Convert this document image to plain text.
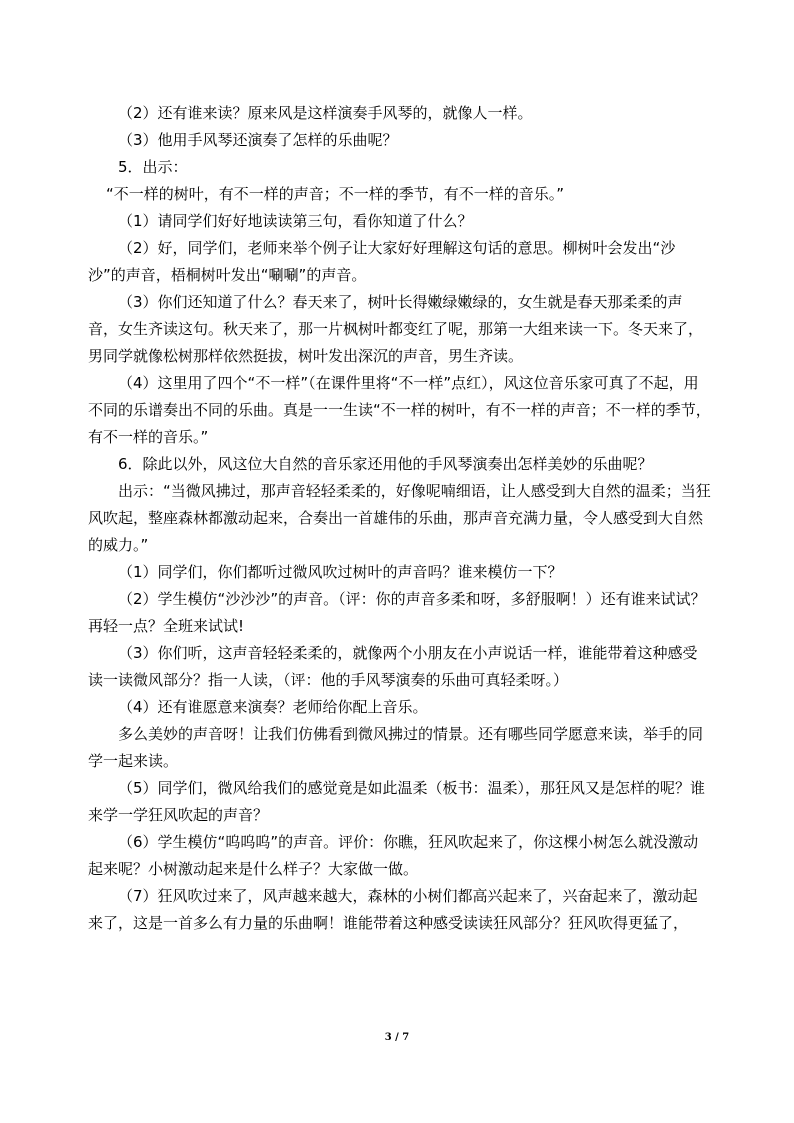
（2）还有谁来读？原来风是这样演奏手风琴的，就像人一样。

（3）他用手风琴还演奏了怎样的乐曲呢？

5．出示：

“不一样的树叶，有不一样的声音；不一样的季节，有不一样的音乐。”

（1）请同学们好好地读读第三句，看你知道了什么？

（2）好，同学们，老师来举个例子让大家好好理解这句话的意思。柳树叶会发出“沙沙”的声音，梧桐树叶发出“唰唰”的声音。

（3）你们还知道了什么？春天来了，树叶长得嫩绿嫩绿的，女生就是春天那柔柔的声音，女生齐读这句。秋天来了，那一片枫树叶都变红了呢，那第一大组来读一下。冬天来了，男同学就像松树那样依然挺拔，树叶发出深沉的声音，男生齐读。

（4）这里用了四个“不一样”（在课件里将“不一样”点红），风这位音乐家可真了不起，用不同的乐谱奏出不同的乐曲。真是一一生读“不一样的树叶，有不一样的声音；不一样的季节，有不一样的音乐。”

6．除此以外，风这位大自然的音乐家还用他的手风琴演奏出怎样美妙的乐曲呢？

出示：“当微风拂过，那声音轻轻柔柔的，好像呢喃细语，让人感受到大自然的温柔；当狂风吹起，整座森林都激动起来，合奏出一首雄伟的乐曲，那声音充满力量，令人感受到大自然的威力。”

（1）同学们，你们都听过微风吹过树叶的声音吗？谁来模仿一下？

（2）学生模仿“沙沙沙”的声音。（评：你的声音多柔和呀，多舒服啊！）还有谁来试试？再轻一点？全班来试试!

（3）你们听，这声音轻轻柔柔的，就像两个小朋友在小声说话一样，谁能带着这种感受读一读微风部分？指一人读，（评：他的手风琴演奏的乐曲可真轻柔呀。）

（4）还有谁愿意来演奏？老师给你配上音乐。

多么美妙的声音呀！让我们仿佛看到微风拂过的情景。还有哪些同学愿意来读，举手的同学一起来读。

（5）同学们，微风给我们的感觉竟是如此温柔（板书：温柔），那狂风又是怎样的呢？谁来学一学狂风吹起的声音？

（6）学生模仿“呜呜呜”的声音。评价：你瞧，狂风吹起来了，你这棵小树怎么就没激动起来呢？小树激动起来是什么样子？大家做一做。

（7）狂风吹过来了，风声越来越大，森林的小树们都高兴起来了，兴奋起来了，激动起来了，这是一首多么有力量的乐曲啊！谁能带着这种感受读读狂风部分？狂风吹得更猛了，

3 / 7
